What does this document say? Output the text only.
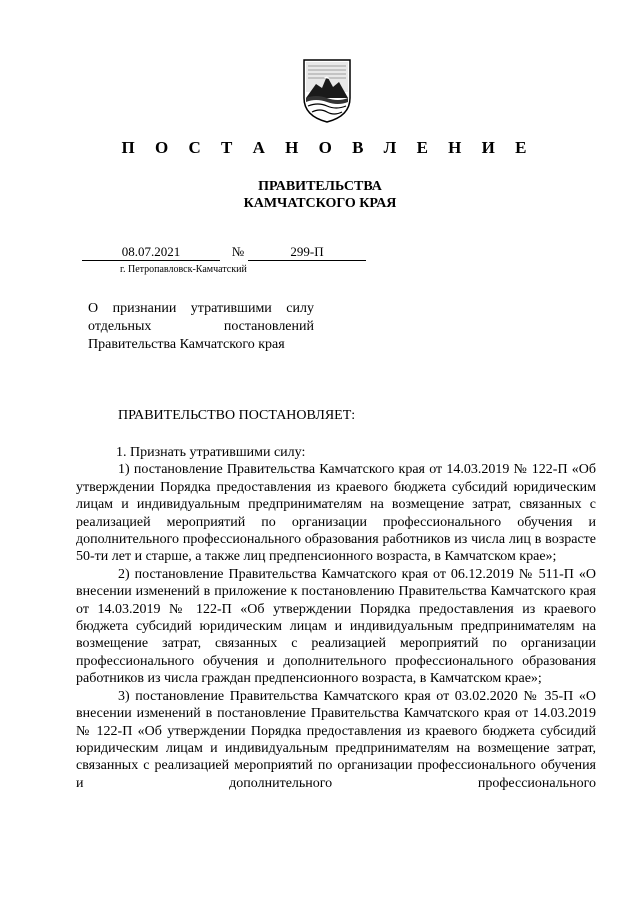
П О С Т А Н О В Л Е Н И Е
ПРАВИТЕЛЬСТВА
КАМЧАТСКОГО КРАЯ
08.07.2021	№	299-П
г. Петропавловск-Камчатский
О признании утратившими силу
отдельных постановлений
Правительства Камчатского края
ПРАВИТЕЛЬСТВО ПОСТАНОВЛЯЕТ:

1. Признать утратившими силу:

1) постановление Правительства Камчатского края от 14.03.2019 № 122-П «Об утверждении Порядка предоставления из краевого бюджета субсидий юридическим лицам и индивидуальным предпринимателям на возмещение затрат, связанных с реализацией мероприятий по организации профессионального обучения и дополнительного профессионального образования работников из числа лиц в возрасте 50-ти лет и старше, а также лиц предпенсионного возраста, в Камчатском крае»;

2) постановление Правительства Камчатского края от 06.12.2019 № 511-П «О внесении изменений в приложение к постановлению Правительства Камчатского края от 14.03.2019 № 122-П «Об утверждении Порядка предоставления из краевого бюджета субсидий юридическим лицам и индивидуальным предпринимателям на возмещение затрат, связанных с реализацией мероприятий по организации профессионального обучения и дополнительного профессионального образования работников из числа граждан предпенсионного возраста, в Камчатском крае»;

3) постановление Правительства Камчатского края от 03.02.2020 № 35-П «О внесении изменений в постановление Правительства Камчатского края от 14.03.2019 № 122-П «Об утверждении Порядка предоставления из краевого бюджета субсидий юридическим лицам и индивидуальным предпринимателям на возмещение затрат, связанных с реализацией мероприятий по организации профессионального обучения и дополнительного профессионального
